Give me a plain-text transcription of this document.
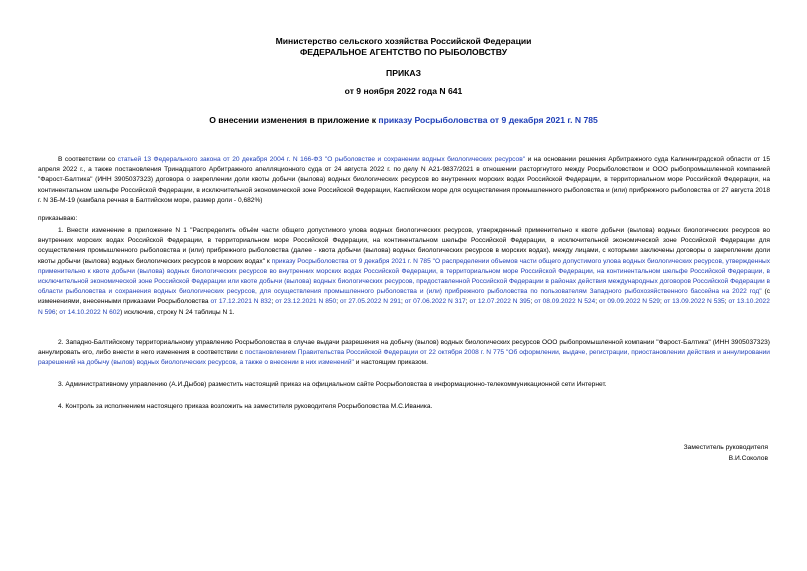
Министерство сельского хозяйства Российской Федерации
ФЕДЕРАЛЬНОЕ АГЕНТСТВО ПО РЫБОЛОВСТВУ
ПРИКАЗ
от 9 ноября 2022 года N 641
О внесении изменения в приложение к приказу Росрыболовства от 9 декабря 2021 г. N 785
В соответствии со статьей 13 Федерального закона от 20 декабря 2004 г. N 166-ФЗ "О рыболовстве и сохранении водных биологических ресурсов" и на основании решения Арбитражного суда Калининградской области от 15 апреля 2022 г., а также постановления Тринадцатого Арбитражного апелляционного суда от 24 августа 2022 г. по делу N А21-9837/2021 в отношении расторгнутого между Росрыболовством и ООО рыбопромышленной компанией "Фарост-Балтика" (ИНН 3905037323) договора о закреплении доли квоты добычи (вылова) водных биологических ресурсов во внутренних морских водах Российской Федерации, в территориальном море Российской Федерации, на континентальном шельфе Российской Федерации, в исключительной экономической зоне Российской Федерации, Каспийском море для осуществления промышленного рыболовства и (или) прибрежного рыболовства от 27 августа 2018 г. N 3Б-М-19 (камбала речная в Балтийском море, размер доли - 0,682%)
приказываю:
1. Внести изменение в приложение N 1 "Распределить объём части общего допустимого улова водных биологических ресурсов, утвержденный применительно к квоте добычи (вылова) водных биологических ресурсов во внутренних морских водах Российской Федерации, в территориальном море Российской Федерации, на континентальном шельфе Российской Федерации, в исключительной экономической зоне Российской Федерации для осуществления промышленного рыболовства и (или) прибрежного рыболовства (далее - квота добычи (вылова) водных биологических ресурсов в морских водах), между лицами, с которыми заключены договоры о закреплении доли квоты добычи (вылова) водных биологических ресурсов в морских водах" к приказу Росрыболовства от 9 декабря 2021 г. N 785 "О распределении объемов части общего допустимого улова водных биологических ресурсов, утвержденных применительно к квоте добычи (вылова) водных биологических ресурсов во внутренних морских водах Российской Федерации, в территориальном море Российской Федерации, на континентальном шельфе Российской Федерации, в исключительной экономической зоне Российской Федерации или квоте добычи (вылова) водных биологических ресурсов, предоставленной Российской Федерации в районах действия международных договоров Российской Федерации в области рыболовства и сохранения водных биологических ресурсов, для осуществления промышленного рыболовства и (или) прибрежного рыболовства по пользователям Западного рыбохозяйственного бассейна на 2022 год" (с изменениями, внесенными приказами Росрыболовства от 17.12.2021 N 832; от 23.12.2021 N 850; от 27.05.2022 N 291; от 07.06.2022 N 317; от 12.07.2022 N 395; от 08.09.2022 N 524; от 09.09.2022 N 529; от 13.09.2022 N 535; от 13.10.2022 N 596; от 14.10.2022 N 602) исключив, строку N 24 таблицы N 1.
2. Западно-Балтийскому территориальному управлению Росрыболовства в случае выдачи разрешения на добычу (вылов) водных биологических ресурсов ООО рыбопромышленной компании "Фарост-Балтика" (ИНН 3905037323) аннулировать его, либо внести в него изменения в соответствии с постановлением Правительства Российской Федерации от 22 октября 2008 г. N 775 "Об оформлении, выдаче, регистрации, приостановлении действия и аннулировании разрешений на добычу (вылов) водных биологических ресурсов, а также о внесении в них изменений" и настоящим приказом.
3. Административному управлению (А.И.Дыбов) разместить настоящий приказ на официальном сайте Росрыболовства в информационно-телекоммуникационной сети Интернет.
4. Контроль за исполнением настоящего приказа возложить на заместителя руководителя Росрыболовства М.С.Иваника.
Заместитель руководителя
В.И.Соколов
